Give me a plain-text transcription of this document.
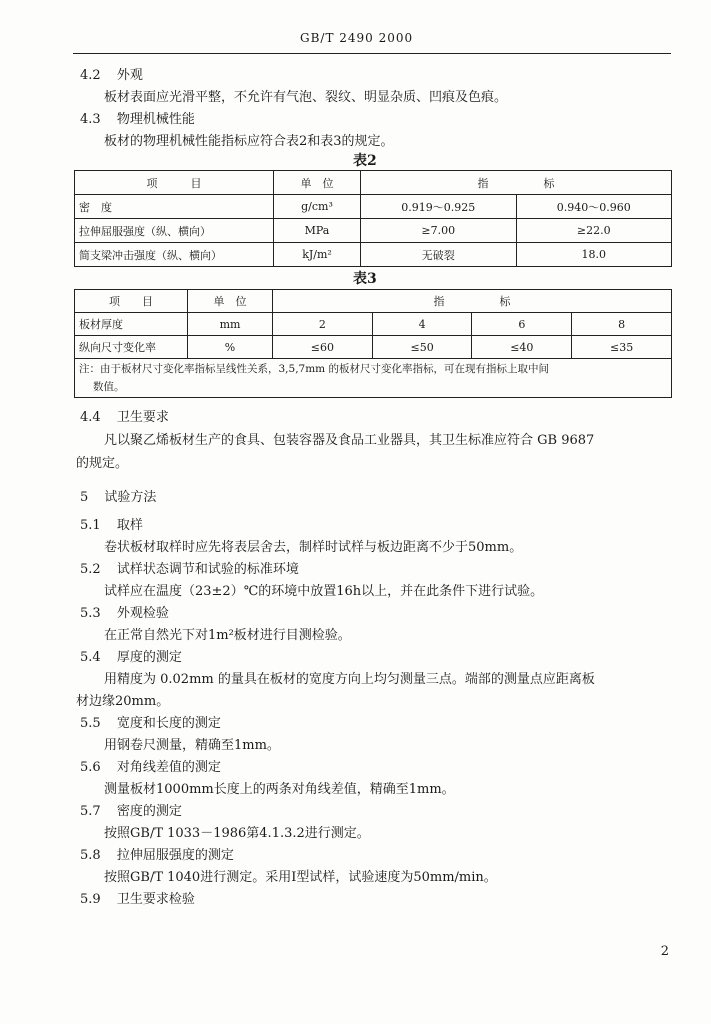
GB/T 2490 2000
4.2 外观
板材表面应光滑平整，不允许有气泡、裂纹、明显杂质、凹痕及色痕。
4.3 物理机械性能
板材的物理机械性能指标应符合表2和表3的规定。
表2
项　　　目	单　位	指　　　　　标	
密　度	g/cm³	0.919～0.925	0.940～0.960
拉伸屈服强度（纵、横向）	MPa	≥7.00	≥22.0
简支梁冲击强度（纵、横向）	kJ/m²	无破裂	18.0
表3
项　　目	单　位	指　　　　　标			
板材厚度	mm	2	4	6	8
纵向尺寸变化率	%	≤60	≤50	≤40	≤35

注：由于板材尺寸变化率指标呈线性关系，3,5,7mm 的板材尺寸变化率指标，可在现有指标上取中间
数值。					
4.4 卫生要求
凡以聚乙烯板材生产的食具、包装容器及食品工业器具，其卫生标准应符合 GB 9687
的规定。
5 试验方法
5.1 取样
卷状板材取样时应先将表层舍去，制样时试样与板边距离不少于50mm。
5.2 试样状态调节和试验的标准环境
试样应在温度（23±2）℃的环境中放置16h以上，并在此条件下进行试验。
5.3 外观检验
在正常自然光下对1m²板材进行目测检验。
5.4 厚度的测定
用精度为 0.02mm 的量具在板材的宽度方向上均匀测量三点。端部的测量点应距离板
材边缘20mm。
5.5 宽度和长度的测定
用钢卷尺测量，精确至1mm。
5.6 对角线差值的测定
测量板材1000mm长度上的两条对角线差值，精确至1mm。
5.7 密度的测定
按照GB/T 1033－1986第4.1.3.2进行测定。
5.8 拉伸屈服强度的测定
按照GB/T 1040进行测定。采用I型试样，试验速度为50mm/min。
5.9 卫生要求检验
2
